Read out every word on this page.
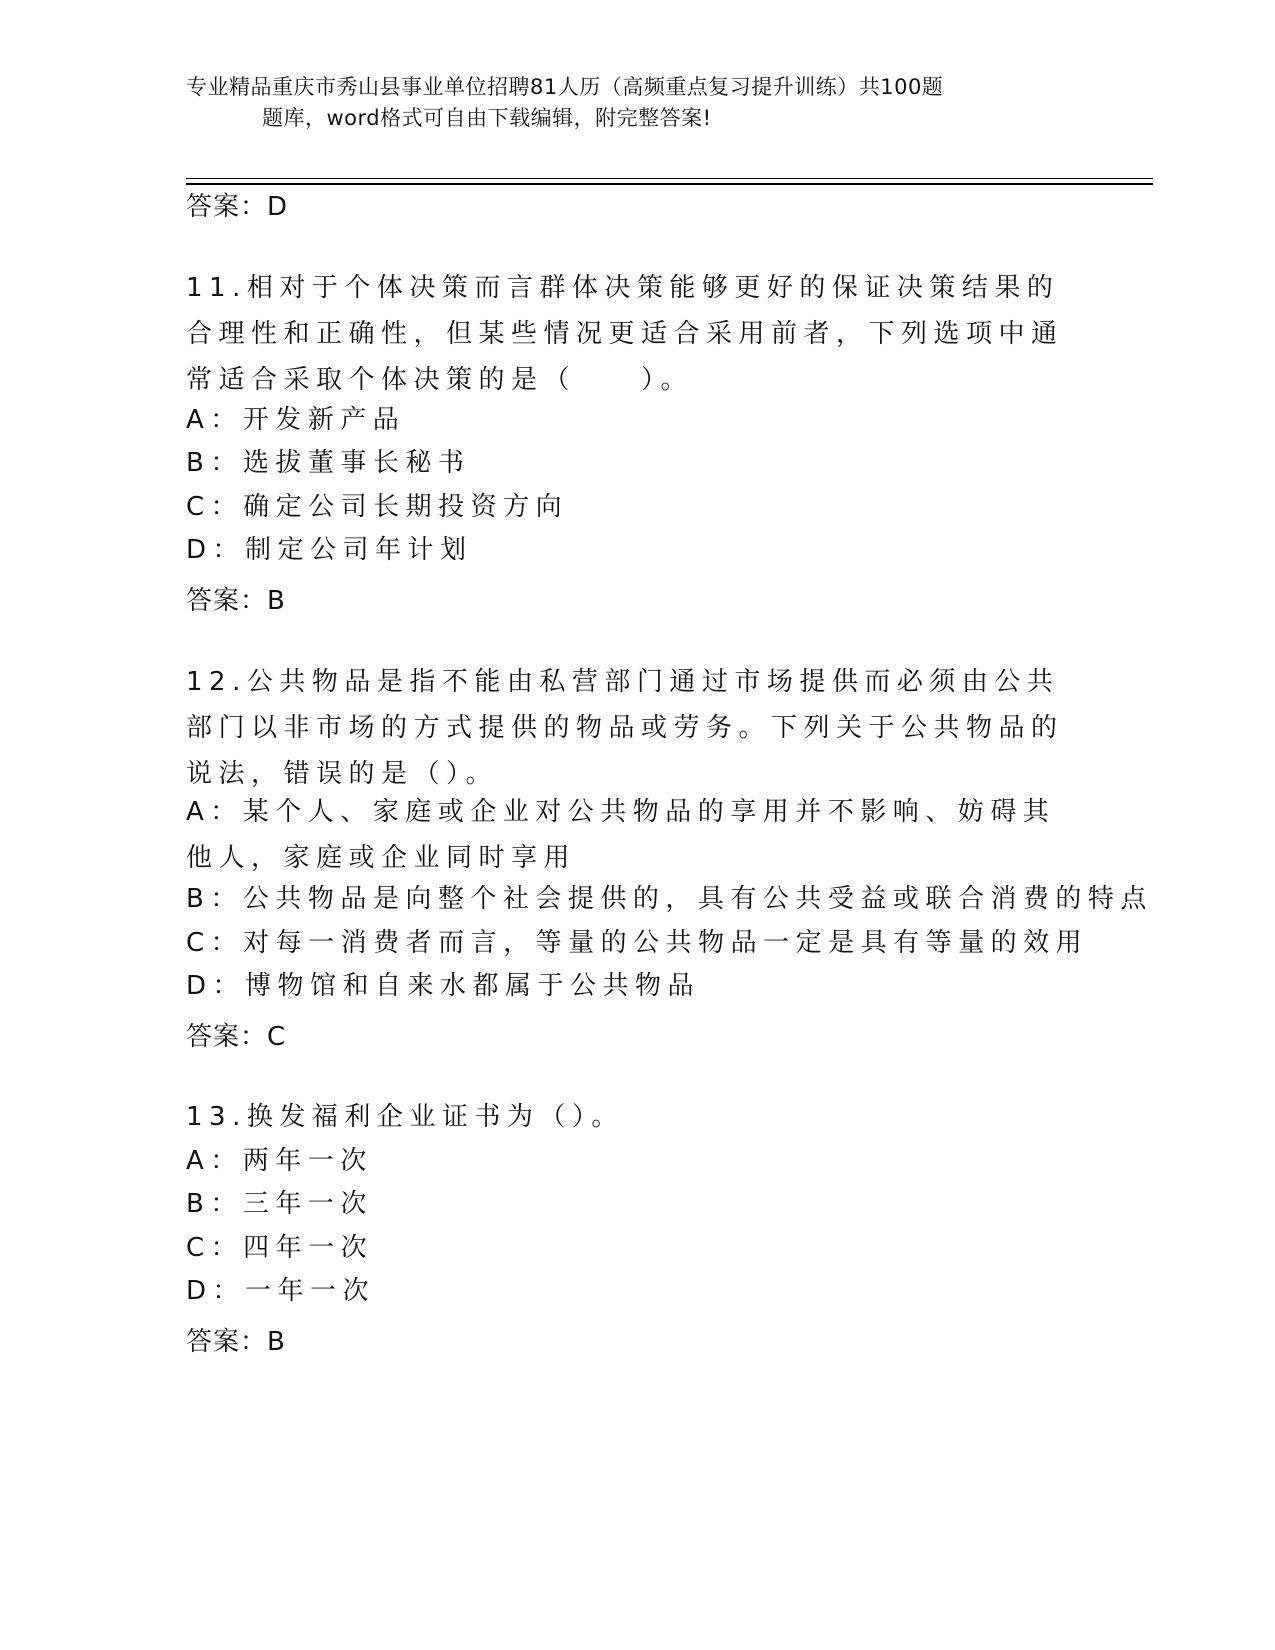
专业精品重庆市秀山县事业单位招聘81人历（高频重点复习提升训练）共100题
题库，word格式可自由下载编辑，附完整答案!
答案：D
11.相对于个体决策而言群体决策能够更好的保证决策结果的合理性和正确性，但某些情况更适合采用前者，下列选项中通常适合采取个体决策的是（　　）。
A：开发新产品
B：选拔董事长秘书
C：确定公司长期投资方向
D：制定公司年计划
答案：B
12.公共物品是指不能由私营部门通过市场提供而必须由公共部门以非市场的方式提供的物品或劳务。下列关于公共物品的说法，错误的是（）。
A：某个人、家庭或企业对公共物品的享用并不影响、妨碍其他人，家庭或企业同时享用
B：公共物品是向整个社会提供的，具有公共受益或联合消费的特点
C：对每一消费者而言，等量的公共物品一定是具有等量的效用
D：博物馆和自来水都属于公共物品
答案：C
13.换发福利企业证书为（）。
A：两年一次
B：三年一次
C：四年一次
D：一年一次
答案：B
